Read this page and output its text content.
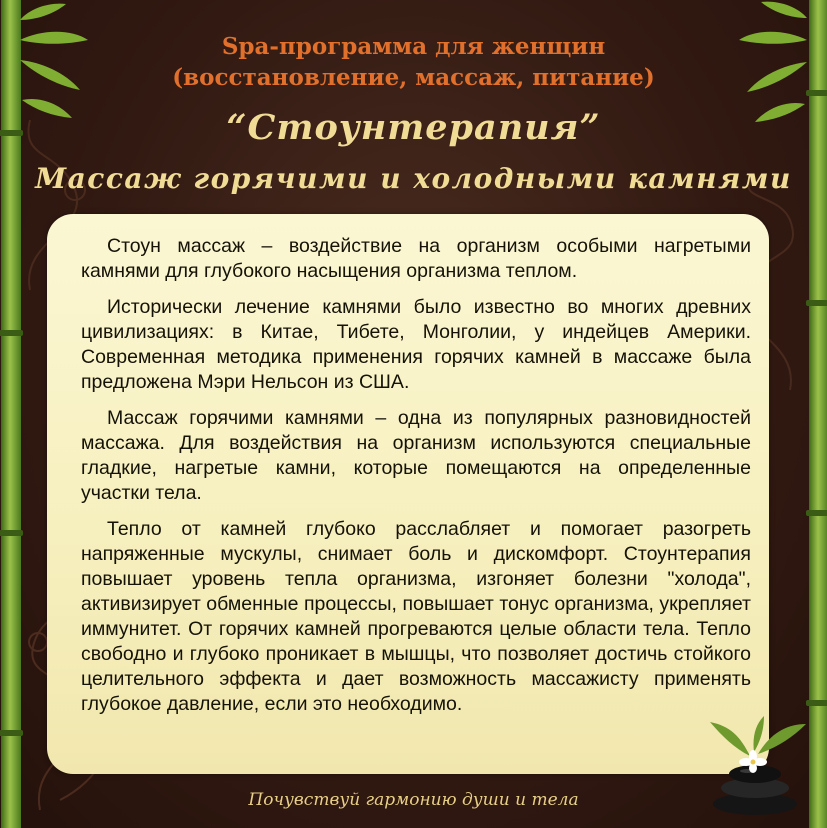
Spa-программа для женщин
(восстановление, массаж, питание)
“Стоунтерапия”
Массаж горячими и холодными камнями

Стоун массаж – воздействие на организм особыми нагретыми камнями для глубокого насыщения организма теплом.

Исторически лечение камнями было известно во многих древних цивилизациях: в Китае, Тибете, Монголии, у индейцев Америки. Современная методика применения горячих камней в массаже была предложена Мэри Нельсон из США.

Массаж горячими камнями – одна из популярных разновидностей массажа. Для воздействия на организм используются специальные гладкие, нагретые камни, которые помещаются на определенные участки тела.

Тепло от камней глубоко расслабляет и помогает разогреть напряженные мускулы, снимает боль и дискомфорт. Стоунтерапия повышает уровень тепла организма, изгоняет болезни "холода", активизирует обменные процессы, повышает тонус организма, укрепляет иммунитет. От горячих камней прогреваются целые области тела. Тепло свободно и глубоко проникает в мышцы, что позволяет достичь стойкого целительного эффекта и дает возможность массажисту применять глубокое давление, если это необходимо.

Почувствуй гармонию души и тела
